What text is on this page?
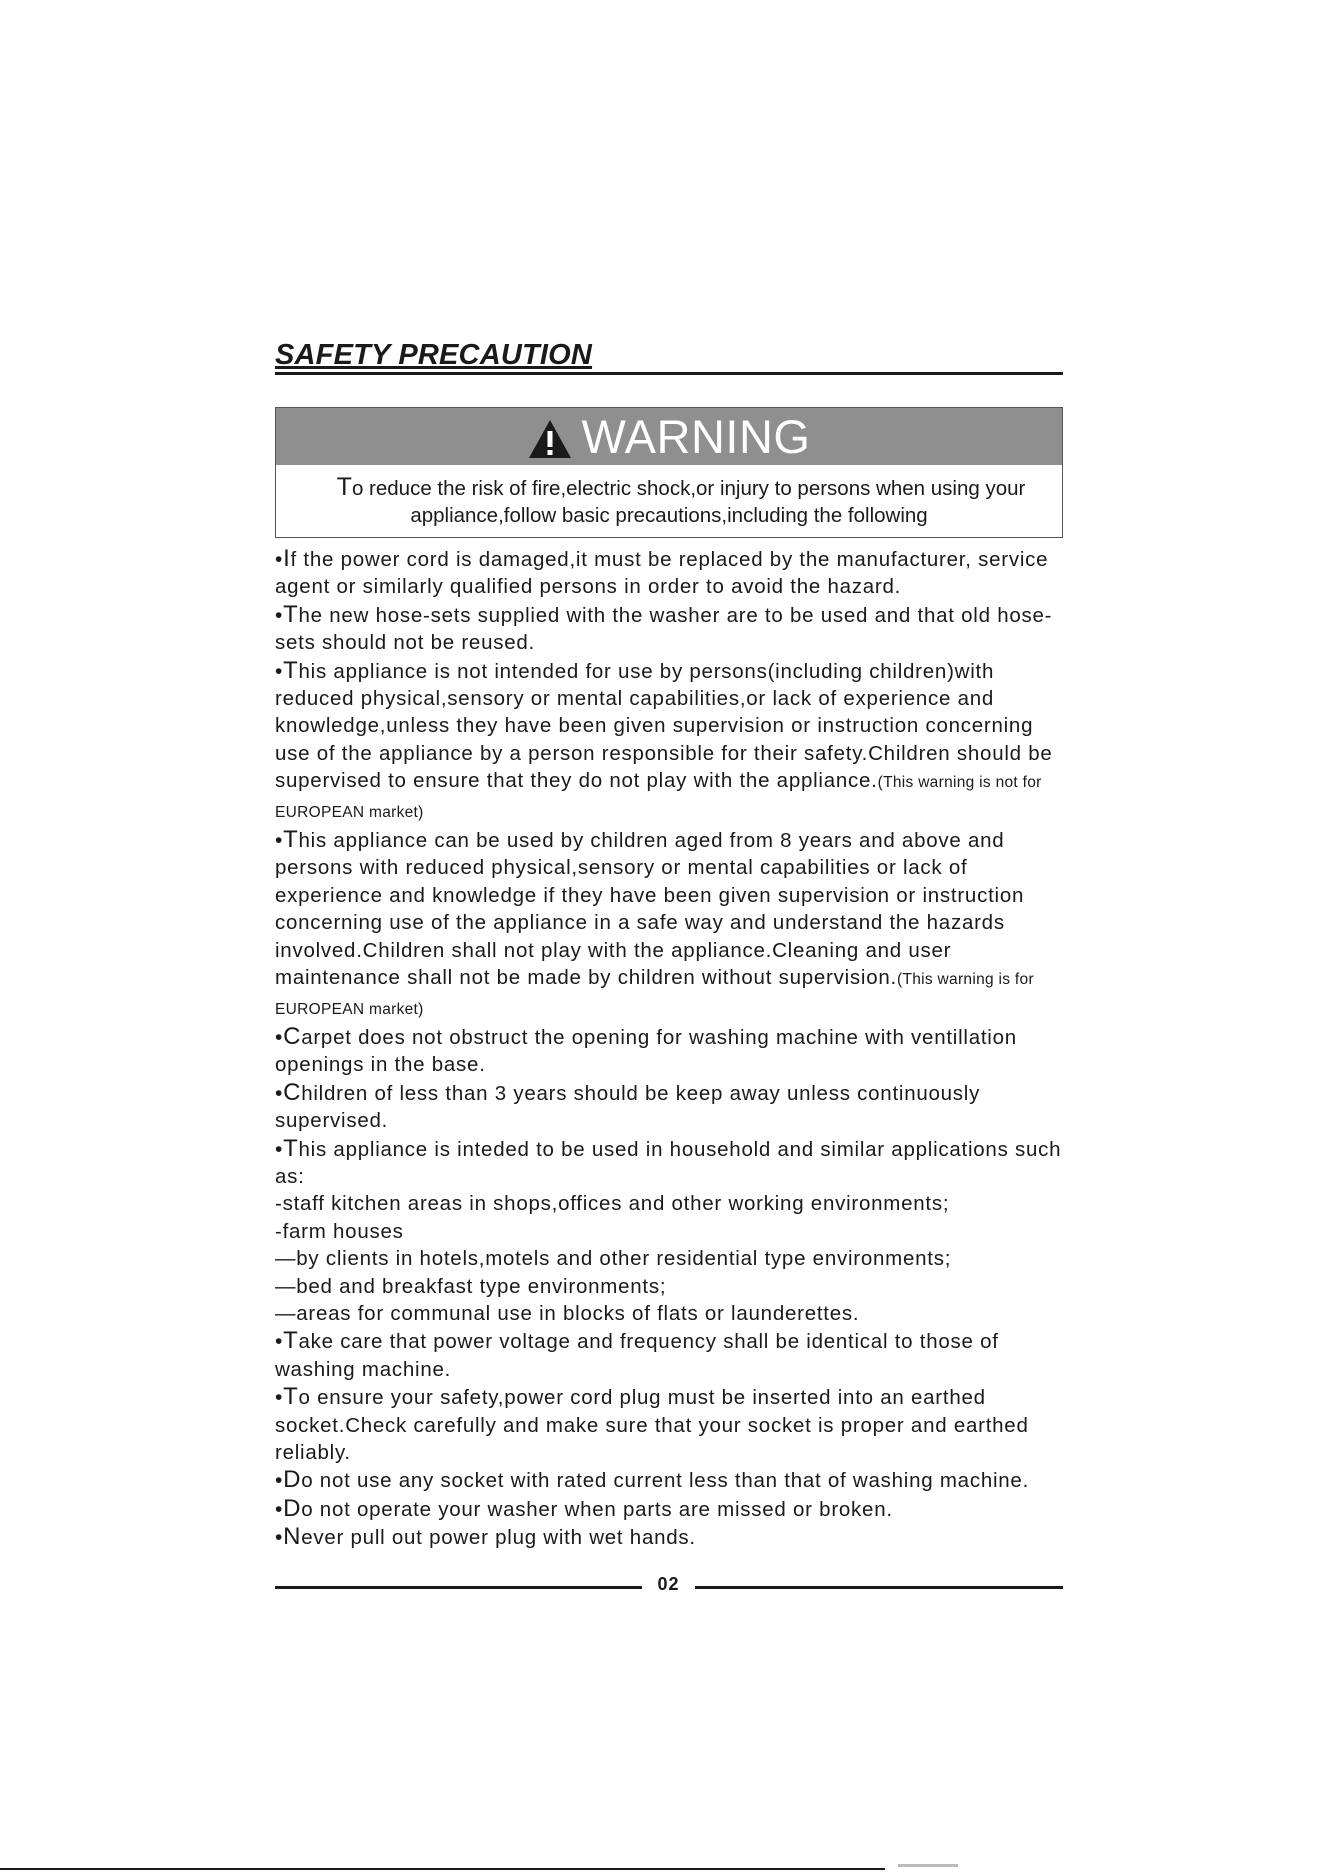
SAFETY PRECAUTION
WARNING
To reduce the risk of fire,electric shock,or injury to persons when using your
appliance,follow basic precautions,including the following

•If the power cord is damaged,it must be replaced by the manufacturer, service agent or similarly qualified persons in order to avoid the hazard.

•The new hose-sets supplied with the washer are to be used and that old hose-sets should not be reused.

•This appliance is not intended for use by persons(including children)with reduced physical,sensory or mental capabilities,or lack of experience and knowledge,unless they have been given supervision or instruction concerning use of the appliance by a person responsible for their safety.Children should be supervised to ensure that they do not play with the appliance.(This warning is not for EUROPEAN market)

•This appliance can be used by children aged from 8 years and above and persons with reduced physical,sensory or mental capabilities or lack of experience and knowledge if they have been given supervision or instruction concerning use of the appliance in a safe way and understand the hazards involved.Children shall not play with the appliance.Cleaning and user maintenance shall not be made by children without supervision.(This warning is for EUROPEAN market)

•Carpet does not obstruct the opening for washing machine with ventillation openings in the base.

•Children of less than 3 years should be keep away unless continuously supervised.

•This appliance is inteded to be used in household and similar applications such as:

-staff kitchen areas in shops,offices and other working environments;

-farm houses

—by clients in hotels,motels and other residential type environments;

—bed and breakfast type environments;

—areas for communal use in blocks of flats or launderettes.

•Take care that power voltage and frequency shall be identical to those of washing machine.

•To ensure your safety,power cord plug must be inserted into an earthed socket.Check carefully and make sure that your socket is proper and earthed reliably.

•Do not use any socket with rated current less than that of washing machine.

•Do not operate your washer when parts are missed or broken.

•Never pull out power plug with wet hands.

02
